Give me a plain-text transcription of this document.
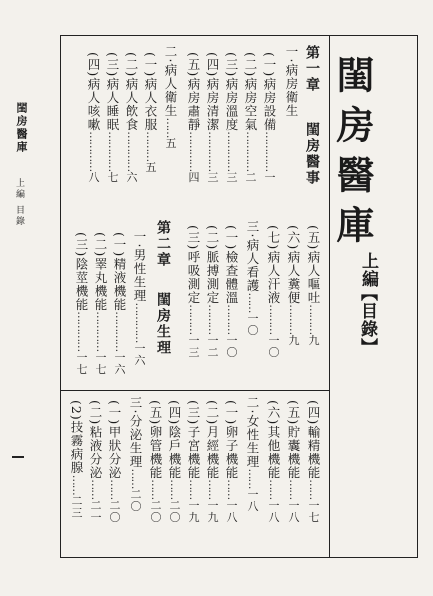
閨房醫庫
上編 目錄	閨房醫庫
上編
【目錄】
第一章
閨房醫事
一‧病房衛生
(一)病房設備…………一
(二)病房空氣…………二
(三)病房溫度…………三
(四)病房清潔…………三
(五)病房肅靜…………四
二‧病人衛生……五
(一)病人衣服………五
(二)病人飲食…………六
(三)病人睡眠…………七
(四)病人咳嗽…………八
(五)病人嘔吐………九
(六)病人糞便………九
(七)病人汗液………一〇
三‧病人看護……一〇
(一)檢查體溫………一〇
(二)脈搏測定………一二
(三)呼吸測定………一三
第二章
閨房生理
一‧男性生理…………一六
(一)精液機能…………一六
(二)睪丸機能…………一七
(三)陰莖機能…………一七
(四)輸精機能……一七
(五)貯囊機能……一八
(六)其他機能……一八
二‧女性生理……一八
(一)卵子機能……一八
(二)月經機能……一九
(三)子宮機能……一九
(四)陰戶機能……二〇
(五)卵管機能……二〇
三‧分泌生理……二〇
(一)甲狀分泌……二〇
(二)粘液分泌……二一
(2)技霧病腺……二三
